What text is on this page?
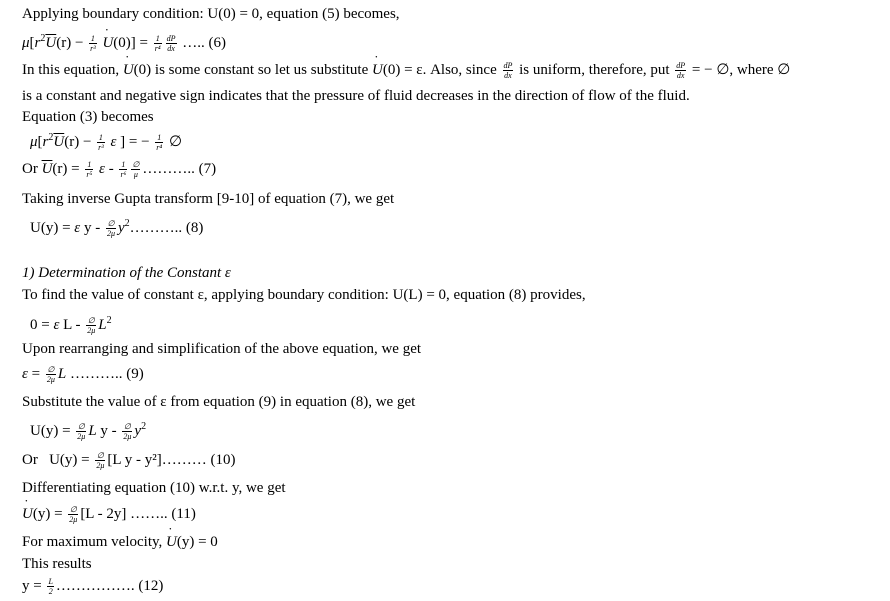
Applying boundary condition: U(0) = 0, equation (5) becomes,
$\mu[r^2\overline{U}(r) - \frac{1}{\text{r³}}$ U ˙(0)] = $\frac{1}{\text{r⁴}} \frac{dP}{dx}$ ….. (6)
In this equation, U ˙(0) is some constant so let us substitute U ˙(0) = ε. Also, since $\frac{dP}{dx}$ is uniform, therefore, put $\frac{dP}{dx}$ = − ∅, where ∅
is a constant and negative sign indicates that the pressure of fluid decreases in the direction of flow of the fluid.
Equation (3) becomes
$\mu[r^2\overline{U}(r) - \frac{1}{\text{r³}}$ ε ] = − $\frac{1}{\text{r⁴}}$ ∅
Or $\overline{U}(r) = \frac{1}{\text{r⁵}}$ ε - $\frac{1}{\text{r⁶}} \frac{\emptyset}{\mu}$ ……….. (7)
Taking inverse Gupta transform [9-10] of equation (7), we get
U(y) = ε y - $\frac{\emptyset}{2\mu}$ $y^2\dots\dots\dots$.. (8)
1) Determination of the Constant ε
To find the value of constant ε, applying boundary condition: U(L) = 0, equation (8) provides,
0 = ε L - $\frac{\emptyset}{2\mu} L^2$
Upon rearranging and simplification of the above equation, we get
$\varepsilon = \frac{\emptyset}{2\mu}$ L ……….. (9)
Substitute the value of ε from equation (9) in equation (8), we get
$U(y) = \frac{\emptyset}{2\mu}$ L y - $\frac{\emptyset}{2\mu} y^2$
Or   $U(y) = \frac{\emptyset}{2\mu} [L$ y - y²]……… (10)
Differentiating equation (10) w.r.t. y, we get
U ˙(y) = $\frac{\emptyset}{2\mu} [L - 2y]$ …….. (11)
For maximum velocity, U ˙(y) = 0
This results
$y = \frac{L}{2}$ ……………. (12)
